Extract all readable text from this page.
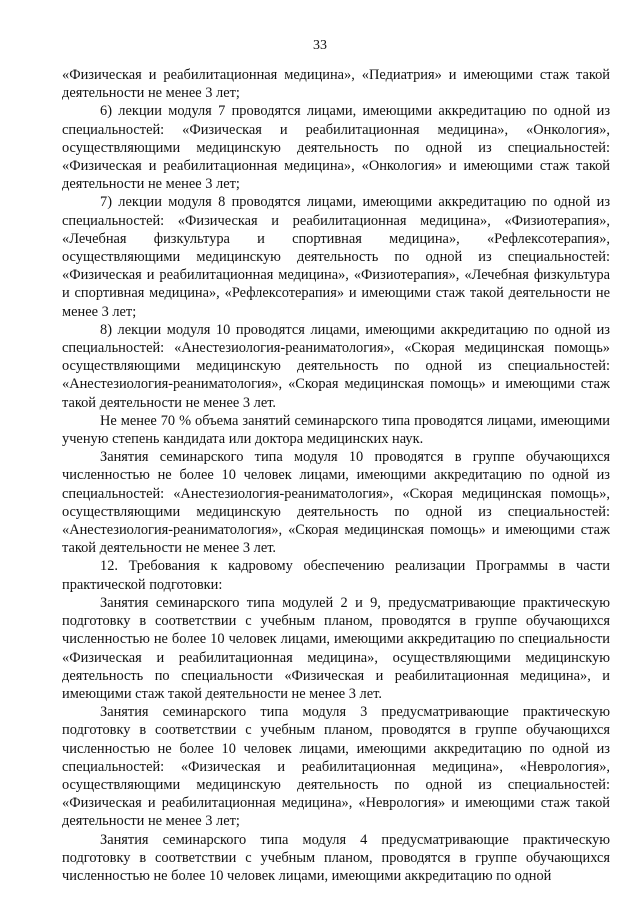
33

«Физическая и реабилитационная медицина», «Педиатрия» и имеющими стаж такой деятельности не менее 3 лет;

6) лекции модуля 7 проводятся лицами, имеющими аккредитацию по одной из специальностей: «Физическая и реабилитационная медицина», «Онкология», осуществляющими медицинскую деятельность по одной из специальностей: «Физическая и реабилитационная медицина», «Онкология» и имеющими стаж такой деятельности не менее 3 лет;

7) лекции модуля 8 проводятся лицами, имеющими аккредитацию по одной из специальностей: «Физическая и реабилитационная медицина», «Физиотерапия», «Лечебная физкультура и спортивная медицина», «Рефлексотерапия», осуществляющими медицинскую деятельность по одной из специальностей: «Физическая и реабилитационная медицина», «Физиотерапия», «Лечебная физкультура и спортивная медицина», «Рефлексотерапия» и имеющими стаж такой деятельности не менее 3 лет;

8) лекции модуля 10 проводятся лицами, имеющими аккредитацию по одной из специальностей: «Анестезиология-реаниматология», «Скорая медицинская помощь» осуществляющими медицинскую деятельность по одной из специальностей: «Анестезиология-реаниматология», «Скорая медицинская помощь» и имеющими стаж такой деятельности не менее 3 лет.

Не менее 70 % объема занятий семинарского типа проводятся лицами, имеющими ученую степень кандидата или доктора медицинских наук.

Занятия семинарского типа модуля 10 проводятся в группе обучающихся численностью не более 10 человек лицами, имеющими аккредитацию по одной из специальностей: «Анестезиология-реаниматология», «Скорая медицинская помощь», осуществляющими медицинскую деятельность по одной из специальностей: «Анестезиология-реаниматология», «Скорая медицинская помощь» и имеющими стаж такой деятельности не менее 3 лет.

12. Требования к кадровому обеспечению реализации Программы в части практической подготовки:

Занятия семинарского типа модулей 2 и 9, предусматривающие практическую подготовку в соответствии с учебным планом, проводятся в группе обучающихся численностью не более 10 человек лицами, имеющими аккредитацию по специальности «Физическая и реабилитационная медицина», осуществляющими медицинскую деятельность по специальности «Физическая и реабилитационная медицина», и имеющими стаж такой деятельности не менее 3 лет.

Занятия семинарского типа модуля 3 предусматривающие практическую подготовку в соответствии с учебным планом, проводятся в группе обучающихся численностью не более 10 человек лицами, имеющими аккредитацию по одной из специальностей: «Физическая и реабилитационная медицина», «Неврология», осуществляющими медицинскую деятельность по одной из специальностей: «Физическая и реабилитационная медицина», «Неврология» и имеющими стаж такой деятельности не менее 3 лет;

Занятия семинарского типа модуля 4 предусматривающие практическую подготовку в соответствии с учебным планом, проводятся в группе обучающихся численностью не более 10 человек лицами, имеющими аккредитацию по одной
